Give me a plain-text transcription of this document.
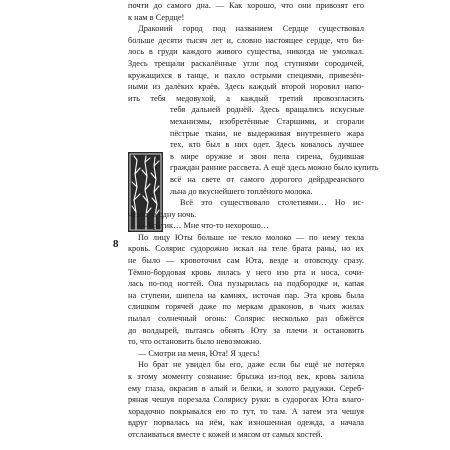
8
почти до самого дна. — Как хорошо, что они привозят его
к нам в Сердце!
Драконий город под названием Сердце существовал
больше десяти тысяч лет и, словно настоящее сердце, что би-
лось в груди каждого живого существа, никогда не умолкал.
Здесь трещали раскалённые угли под ступнями сородичей,
кружащихся в танце, и пахло острыми специями, привезён-
ными из далёких краёв. Здесь каждый второй норовил напо-
ить тебя медовухой, а каждый третий провозгласить
тебя дальней роднёй. Здесь вращались искусные
механизмы, изобретённые Старшими, и сгорали
пёстрые ткани, не выдерживая внутреннего жара
тех, кто был в них одет. Здесь ковалось лучшее
в мире оружие и звон пела сирена, будившая
граждан ранние рассвета. А ещё здесь можно было купить
всё на свете от самого дорогого дейрдреанского
льна до вкуснейшего топлёного молока.
Всё это существовало столетиями… Но ис-
чезло за одну ночь.
— Братик… Мне что-то нехорошо…
По лицу Юты больше не текло молоко — по нему текла
кровь. Солярис судорожно искал на теле брата раны, но их
не было — кровоточил сам Юта, везде и отовсюду сразу.
Тёмно-бордовая кровь лилась у него изо рта и носа, сочи-
лась по-под ногтей. Она пузырилась на подбородке и, капая
на ступени, шипела на камнях, источая пар. Эта кровь была
слишком горячей даже по меркам драконов, в чьих жилах
пылал солнечный огонь: Солярис несколько раз обжёгся
до волдырей, пытаясь обнять Юту за плечи и остановить
то, что остановить было невозможно.
— Смотри на меня, Юта! Я здесь!
Но брат не увидел бы его, даже если бы ещё не потерял
к этому моменту сознание: брызжа из-под век, кровь залила
ему глаза, окрасив в алый и белки, и золото радужки. Сереб-
ряная чешуя порезала Солярису руки: в судорогах Юта влаго-
хорадочно покрывался ею то тут, то там. А затем эта чешуя
вдруг порвалась на нём, как изношенная одежда, а начала
отслаиваться вместе с кожей и мясом от самых костей.
